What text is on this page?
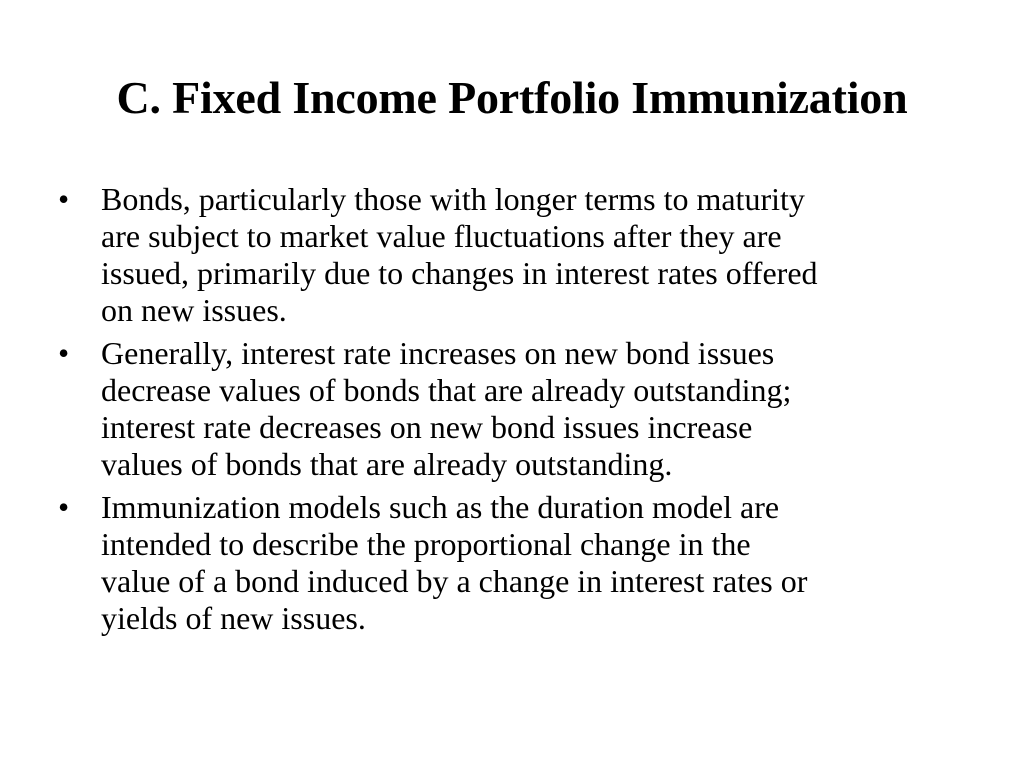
C. Fixed Income Portfolio Immunization
• Bonds, particularly those with longer terms to maturity
are subject to market value fluctuations after they are
issued, primarily due to changes in interest rates offered
on new issues.
• Generally, interest rate increases on new bond issues
decrease values of bonds that are already outstanding;
interest rate decreases on new bond issues increase
values of bonds that are already outstanding.
• Immunization models such as the duration model are
intended to describe the proportional change in the
value of a bond induced by a change in interest rates or
yields of new issues.
